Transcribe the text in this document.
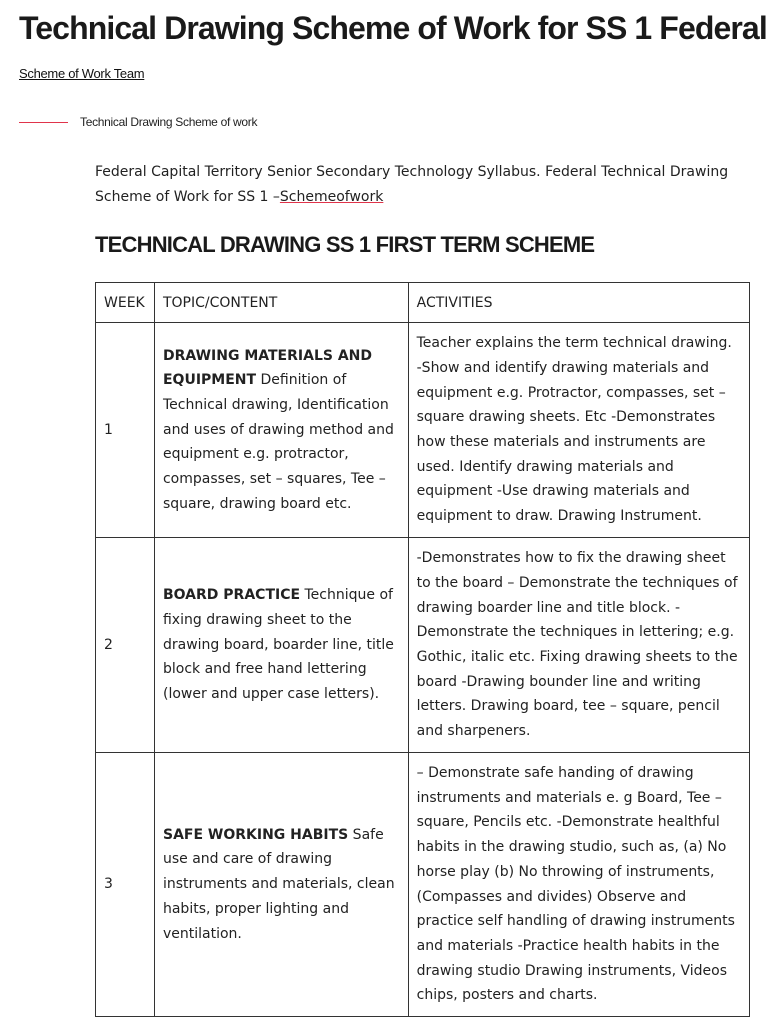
Technical Drawing Scheme of Work for SS 1 Federal
Scheme of Work Team
Technical Drawing Scheme of work

Federal Capital Territory Senior Secondary Technology Syllabus. Federal Technical Drawing Scheme of Work for SS 1 –Schemeofwork

TECHNICAL DRAWING SS 1 FIRST TERM SCHEME
WEEK	TOPIC/CONTENT	ACTIVITIES
1	DRAWING MATERIALS AND EQUIPMENT Definition of Technical drawing, Identification and uses of drawing method and equipment e.g. protractor, compasses, set – squares, Tee – square, drawing board etc.	Teacher explains the term technical drawing. -Show and identify drawing materials and equipment e.g. Protractor, compasses, set – square drawing sheets. Etc -Demonstrates how these materials and instruments are used. Identify drawing materials and equipment -Use drawing materials and equipment to draw. Drawing Instrument.
2	BOARD PRACTICE Technique of fixing drawing sheet to the drawing board, boarder line, title block and free hand lettering (lower and upper case letters).	-Demonstrates how to fix the drawing sheet to the board – Demonstrate the techniques of drawing boarder line and title block. -Demonstrate the techniques in lettering; e.g. Gothic, italic etc. Fixing drawing sheets to the board -Drawing bounder line and writing letters. Drawing board, tee – square, pencil and sharpeners.
3	SAFE WORKING HABITS Safe use and care of drawing instruments and materials, clean habits, proper lighting and ventilation.	– Demonstrate safe handing of drawing instruments and materials e. g Board, Tee – square, Pencils etc. -Demonstrate healthful habits in the drawing studio, such as, (a) No horse play (b) No throwing of instruments, (Compasses and divides) Observe and practice self handling of drawing instruments and materials -Practice health habits in the drawing studio Drawing instruments, Videos chips, posters and charts.
